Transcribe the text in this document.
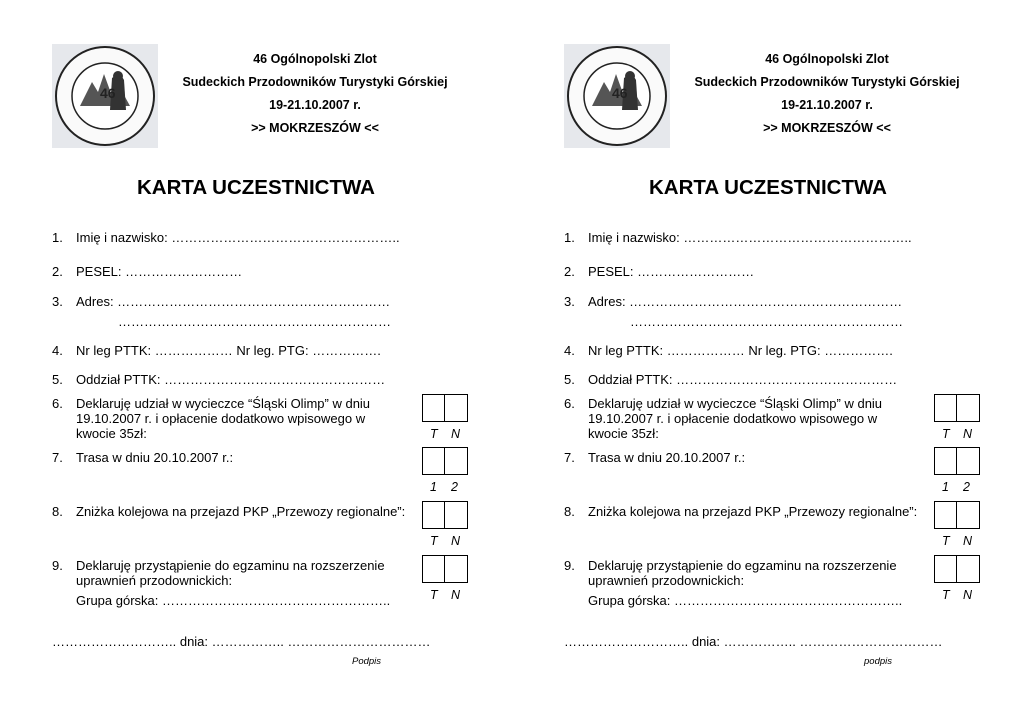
46
46 Ogólnopolski Zlot
Sudeckich Przodowników Turystyki Górskiej
19-21.10.2007 r.
>> MOKRZESZÓW <<
KARTA UCZESTNICTWA
1. Imię i nazwisko: ……………………………………………..
2. PESEL: ………………………
3. Adres: ………………………………………………………
………………………………………………………
4. Nr leg PTTK: ……………… Nr leg. PTG: …………….
5. Oddział PTTK: ……………………………………………
6. Deklaruję udział w wycieczce “Śląski Olimp” w dniu
19.10.2007 r. i opłacenie dodatkowo wpisowego w
kwocie 35zł:	T N
7. Trasa w dniu 20.10.2007 r.:
1 2
8. Zniżka kolejowa na przejazd PKP „Przewozy regionalne”:
T N
9. Deklaruję przystąpienie do egzaminu na rozszerzenie
uprawnień przodownickich:
Grupa górska: ……………………………………………..	T N
……………………….. dnia: …………….. ……………………………
Podpis
46
46 Ogólnopolski Zlot
Sudeckich Przodowników Turystyki Górskiej
19-21.10.2007 r.
>> MOKRZESZÓW <<
KARTA UCZESTNICTWA
1. Imię i nazwisko: ……………………………………………..
2. PESEL: ………………………
3. Adres: ………………………………………………………
………………………………………………………
4. Nr leg PTTK: ……………… Nr leg. PTG: …………….
5. Oddział PTTK: ……………………………………………
6. Deklaruję udział w wycieczce “Śląski Olimp” w dniu
19.10.2007 r. i opłacenie dodatkowo wpisowego w
kwocie 35zł:	T N
7. Trasa w dniu 20.10.2007 r.:
1 2
8. Zniżka kolejowa na przejazd PKP „Przewozy regionalne”:
T N
9. Deklaruję przystąpienie do egzaminu na rozszerzenie
uprawnień przodownickich:
Grupa górska: ……………………………………………..	T N
……………………….. dnia: …………….. ……………………………
podpis
